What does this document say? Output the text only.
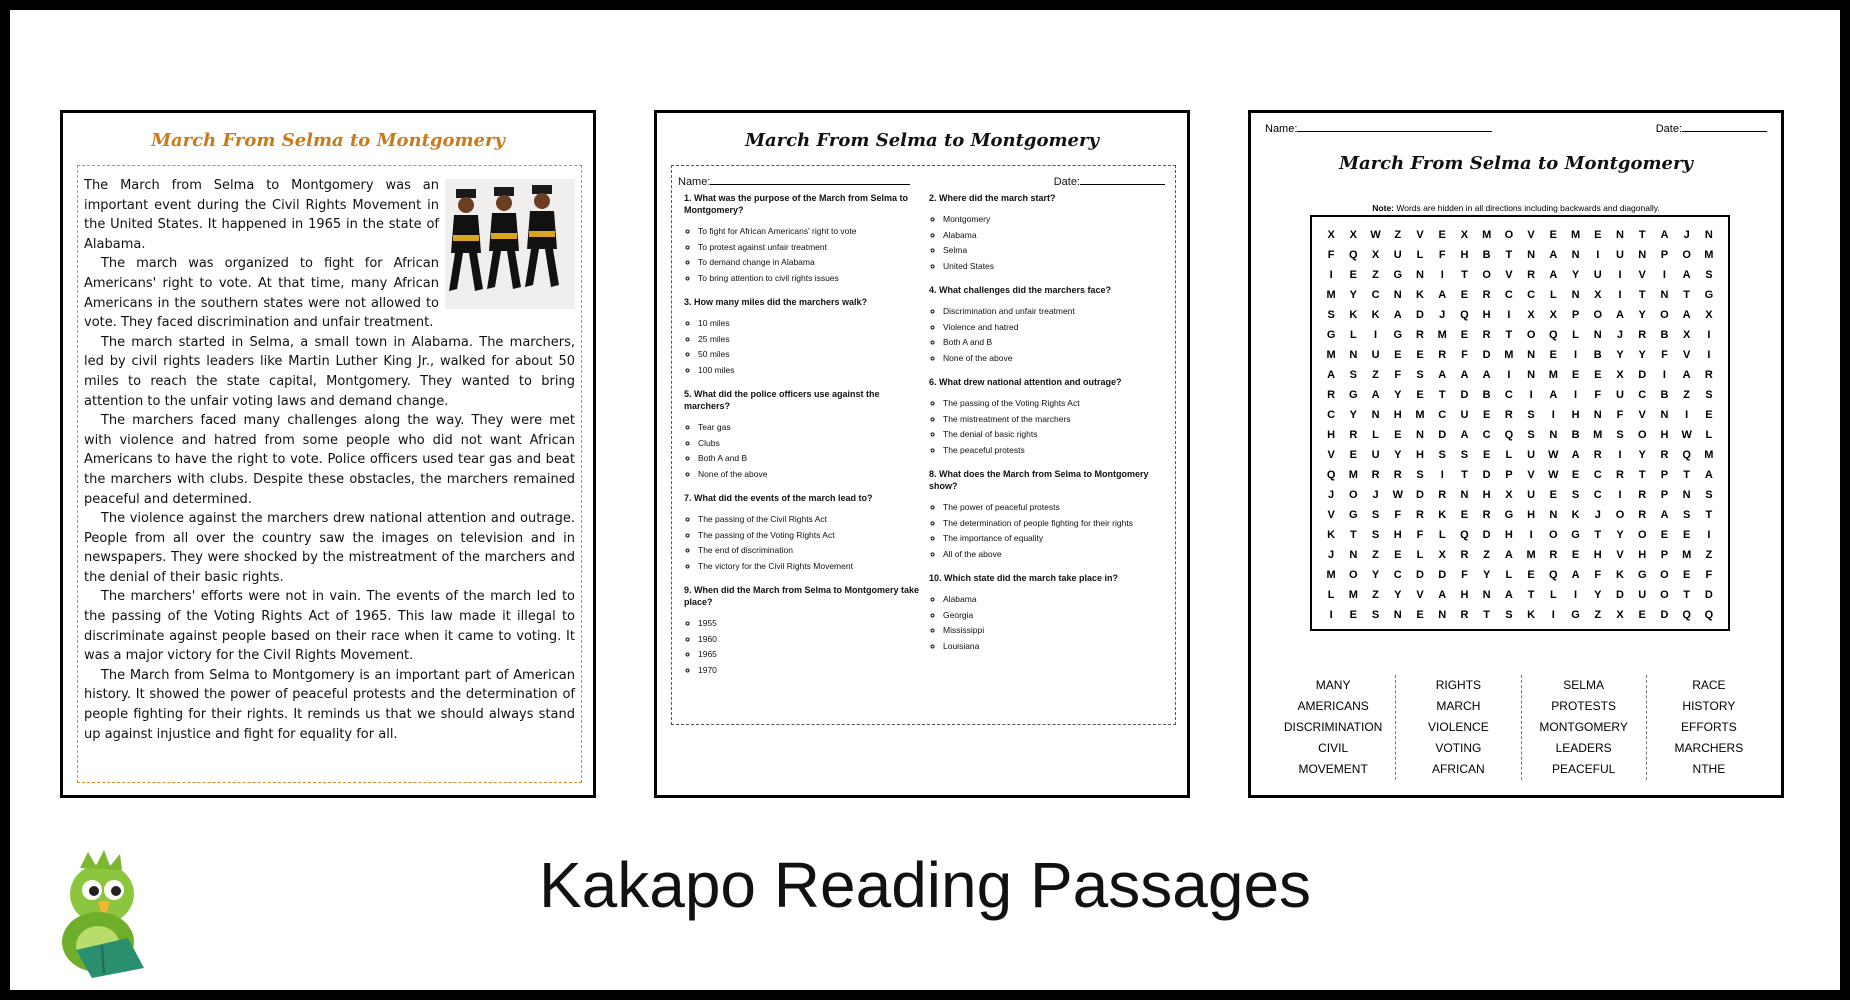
March From Selma to Montgomery

The March from Selma to Montgomery was an important event during the Civil Rights Movement in the United States. It happened in 1965 in the state of Alabama.

The march was organized to fight for African Americans' right to vote. At that time, many African Americans in the southern states were not allowed to vote. They faced discrimination and unfair treatment.

The march started in Selma, a small town in Alabama. The marchers, led by civil rights leaders like Martin Luther King Jr., walked for about 50 miles to reach the state capital, Montgomery. They wanted to bring attention to the unfair voting laws and demand change.

The marchers faced many challenges along the way. They were met with violence and hatred from some people who did not want African Americans to have the right to vote. Police officers used tear gas and beat the marchers with clubs. Despite these obstacles, the marchers remained peaceful and determined.

The violence against the marchers drew national attention and outrage. People from all over the country saw the images on television and in newspapers. They were shocked by the mistreatment of the marchers and the denial of their basic rights.

The marchers' efforts were not in vain. The events of the march led to the passing of the Voting Rights Act of 1965. This law made it illegal to discriminate against people based on their race when it came to voting. It was a major victory for the Civil Rights Movement.

The March from Selma to Montgomery is an important part of American history. It showed the power of peaceful protests and the determination of people fighting for their rights. It reminds us that we should always stand up against injustice and fight for equality for all.

March From Selma to Montgomery
Name:	Date:
1. What was the purpose of the March from Selma to Montgomery?
◦ To fight for African Americans' right to vote
◦ To protest against unfair treatment
◦ To demand change in Alabama
◦ To bring attention to civil rights issues
3. How many miles did the marchers walk?
◦ 10 miles
◦ 25 miles
◦ 50 miles
◦ 100 miles
5. What did the police officers use against the marchers?
◦ Tear gas
◦ Clubs
◦ Both A and B
◦ None of the above
7. What did the events of the march lead to?
◦ The passing of the Civil Rights Act
◦ The passing of the Voting Rights Act
◦ The end of discrimination
◦ The victory for the Civil Rights Movement
9. When did the March from Selma to Montgomery take place?
◦ 1955
◦ 1960
◦ 1965
◦ 1970
2. Where did the march start?
◦ Montgomery
◦ Alabama
◦ Selma
◦ United States
4. What challenges did the marchers face?
◦ Discrimination and unfair treatment
◦ Violence and hatred
◦ Both A and B
◦ None of the above
6. What drew national attention and outrage?
◦ The passing of the Voting Rights Act
◦ The mistreatment of the marchers
◦ The denial of basic rights
◦ The peaceful protests
8. What does the March from Selma to Montgomery show?
◦ The power of peaceful protests
◦ The determination of people fighting for their rights
◦ The importance of equality
◦ All of the above
10. Which state did the march take place in?
◦ Alabama
◦ Georgia
◦ Mississippi
◦ Louisiana
Name:	Date:
March From Selma to Montgomery
Note: Words are hidden in all directions including backwards and diagonally.
X	X	W	Z	V	E	X	M	O	V	E	M	E	N	T	A	J	N
F	Q	X	U	L	F	H	B	T	N	A	N	I	U	N	P	O	M
I	E	Z	G	N	I	T	O	V	R	A	Y	U	I	V	I	A	S
M	Y	C	N	K	A	E	R	C	C	L	N	X	I	T	N	T	G
S	K	K	A	D	J	Q	H	I	X	X	P	O	A	Y	O	A	X
G	L	I	G	R	M	E	R	T	O	Q	L	N	J	R	B	X	I
M	N	U	E	E	R	F	D	M	N	E	I	B	Y	Y	F	V	I
A	S	Z	F	S	A	A	A	I	N	M	E	E	X	D	I	A	R
R	G	A	Y	E	T	D	B	C	I	A	I	F	U	C	B	Z	S
C	Y	N	H	M	C	U	E	R	S	I	H	N	F	V	N	I	E
H	R	L	E	N	D	A	C	Q	S	N	B	M	S	O	H	W	L
V	E	U	Y	H	S	S	E	L	U	W	A	R	I	Y	R	Q	M
Q	M	R	R	S	I	T	D	P	V	W	E	C	R	T	P	T	A
J	O	J	W	D	R	N	H	X	U	E	S	C	I	R	P	N	S
V	G	S	F	R	K	E	R	G	H	N	K	J	O	R	A	S	T
K	T	S	H	F	L	Q	D	H	I	O	G	T	Y	O	E	E	I
J	N	Z	E	L	X	R	Z	A	M	R	E	H	V	H	P	M	Z
M	O	Y	C	D	D	F	Y	L	E	Q	A	F	K	G	O	E	F
L	M	Z	Y	V	A	H	N	A	T	L	I	Y	D	U	O	T	D
I	E	S	N	E	N	R	T	S	K	I	G	Z	X	E	D	Q	Q
MANY
AMERICANS
DISCRIMINATION
CIVIL
MOVEMENT
RIGHTS
MARCH
VIOLENCE
VOTING
AFRICAN
SELMA
PROTESTS
MONTGOMERY
LEADERS
PEACEFUL
RACE
HISTORY
EFFORTS
MARCHERS
NTHE
Kakapo Reading Passages
